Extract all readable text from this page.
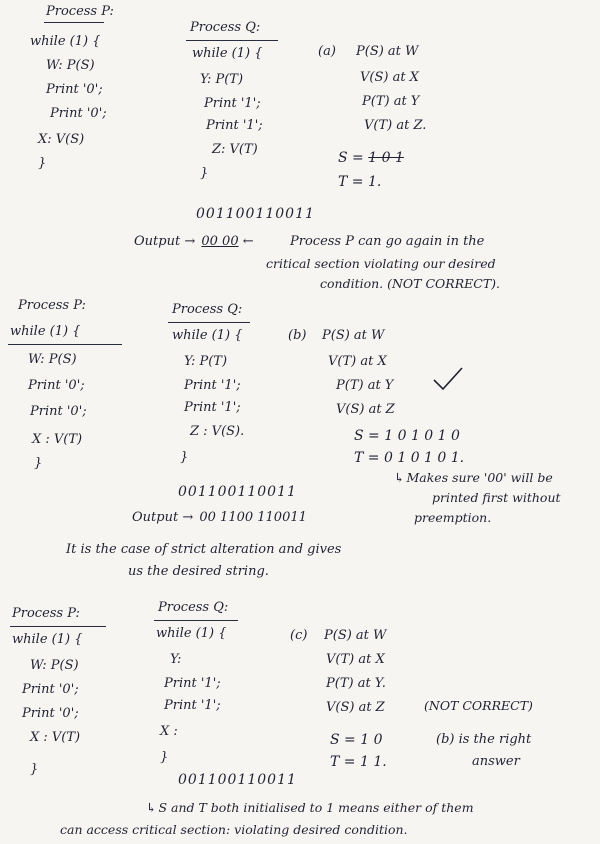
Process P:
while (1) {
W: P(S)
Print '0';
Print '0';
X: V(S)
}
Process Q:
while (1) {
Y: P(T)
Print '1';
Print '1';
Z: V(T)
}
(a) P(S) at W
V(S) at X
P(T) at Y
V(T) at Z.
S = 1 0 1
T = 1.
001100110011
Output → 00 00 ←	Process P can go again in the
critical section violating our desired
condition. (NOT CORRECT).
Process P:
while (1) {
W: P(S)
Print '0';
Print '0';
X : V(T)
}
Process Q:
while (1) {
Y: P(T)
Print '1';
Print '1';
Z : V(S).
}
(b) P(S) at W
V(T) at X
P(T) at Y
V(S) at Z
S = 1 0 1 0 1 0
T = 0 1 0 1 0 1.
↳ Makes sure '00' will be
printed first without
preemption.
001100110011
Output → 00 1100 110011
It is the case of strict alteration and gives
us the desired string.
Process P:
while (1) {
W: P(S)
Print '0';
Print '0';
X : V(T)
}
Process Q:
while (1) {
Y:
Print '1';
Print '1';
X :
}
(c) P(S) at W
V(T) at X
P(T) at Y.
V(S) at Z	(NOT CORRECT)
S = 1 0
T = 1 1.
(b) is the right
answer
001100110011
↳ S and T both initialised to 1 means either of them
can access critical section: violating desired condition.
